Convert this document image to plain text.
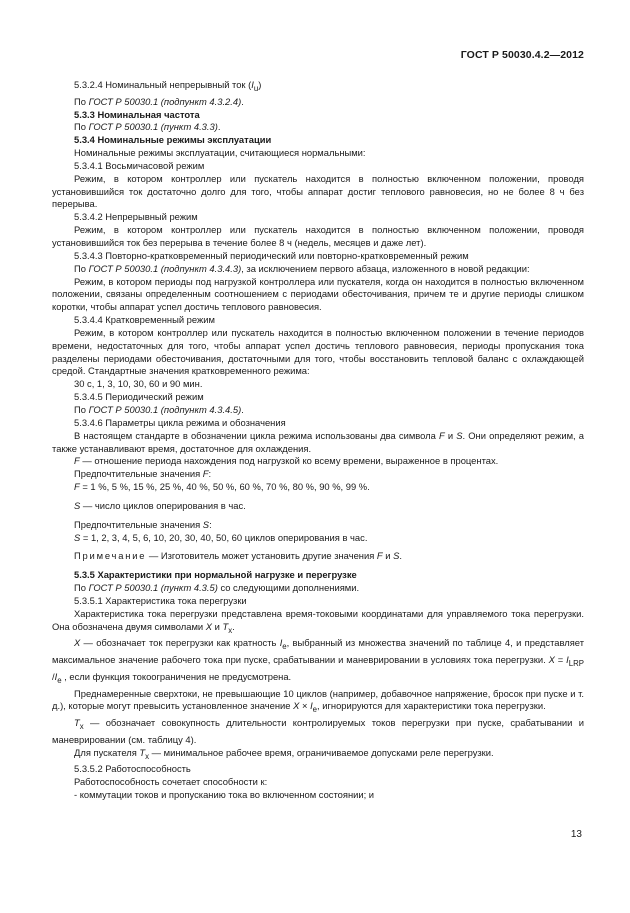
ГОСТ Р 50030.4.2—2012

5.3.2.4 Номинальный непрерывный ток $(I_u)$

По ГОСТ Р 50030.1 (подпункт 4.3.2.4).

5.3.3 Номинальная частота

По ГОСТ Р 50030.1 (пункт 4.3.3).

5.3.4 Номинальные режимы эксплуатации

Номинальные режимы эксплуатации, считающиеся нормальными:

5.3.4.1 Восьмичасовой режим

Режим, в котором контроллер или пускатель находится в полностью включенном положении, проводя установившийся ток достаточно долго для того, чтобы аппарат достиг теплового равновесия, но не более 8 ч без перерыва.

5.3.4.2 Непрерывный режим

Режим, в котором контроллер или пускатель находится в полностью включенном положении, проводя установившийся ток без перерыва в течение более 8 ч (недель, месяцев и даже лет).

5.3.4.3 Повторно-кратковременный периодический или повторно-кратковременный режим

По ГОСТ Р 50030.1 (подпункт 4.3.4.3), за исключением первого абзаца, изложенного в новой редакции:

Режим, в котором периоды под нагрузкой контроллера или пускателя, когда он находится в полностью включенном положении, связаны определенным соотношением с периодами обесточивания, причем те и другие периоды слишком коротки, чтобы аппарат успел достичь теплового равновесия.

5.3.4.4 Кратковременный режим

Режим, в котором контроллер или пускатель находится в полностью включенном положении в течение периодов времени, недостаточных для того, чтобы аппарат успел достичь теплового равновесия, периоды пропускания тока разделены периодами обесточивания, достаточными для того, чтобы восстановить тепловой баланс с охлаждающей средой. Стандартные значения кратковременного режима:

30 с, 1, 3, 10, 30, 60 и 90 мин.

5.3.4.5 Периодический режим

По ГОСТ Р 50030.1 (подпункт 4.3.4.5).

5.3.4.6 Параметры цикла режима и обозначения

В настоящем стандарте в обозначении цикла режима использованы два символа F и S. Они определяют режим, а также устанавливают время, достаточное для охлаждения.

F — отношение периода нахождения под нагрузкой ко всему времени, выраженное в процентах.

Предпочтительные значения F:

F = 1 %, 5 %, 15 %, 25 %, 40 %, 50 %, 60 %, 70 %, 80 %, 90 %, 99 %.

S — число циклов оперирования в час.

Предпочтительные значения S:

S = 1, 2, 3, 4, 5, 6, 10, 20, 30, 40, 50, 60 циклов оперирования в час.

Примечание — Изготовитель может установить другие значения F и S.

5.3.5 Характеристики при нормальной нагрузке и перегрузке

По ГОСТ Р 50030.1 (пункт 4.3.5) со следующими дополнениями.

5.3.5.1 Характеристика тока перегрузки

Характеристика тока перегрузки представлена время-токовыми координатами для управляемого тока перегрузки. Она обозначена двумя символами X и $T_x$.

X — обозначает ток перегрузки как кратность $I_e$, выбранный из множества значений по таблице 4, и представляет максимальное значение рабочего тока при пуске, срабатывании и маневрировании в условиях тока перегрузки. $X = I_{LRP}$ $/I_e$ , если функция токоограничения не предусмотрена.

Преднамеренные сверхтоки, не превышающие 10 циклов (например, добавочное напряжение, бросок при пуске и т. д.), которые могут превысить установленное значение $X \times I_e$, игнорируются для характеристики тока перегрузки.

$T_x$ — обозначает совокупность длительности контролируемых токов перегрузки при пуске, срабатывании и маневрировании (см. таблицу 4).

Для пускателя $T_x$ — минимальное рабочее время, ограничиваемое допусками реле перегрузки.

5.3.5.2 Работоспособность

Работоспособность сочетает способности к:

- коммутации токов и пропусканию тока во включенном состоянии; и

13
